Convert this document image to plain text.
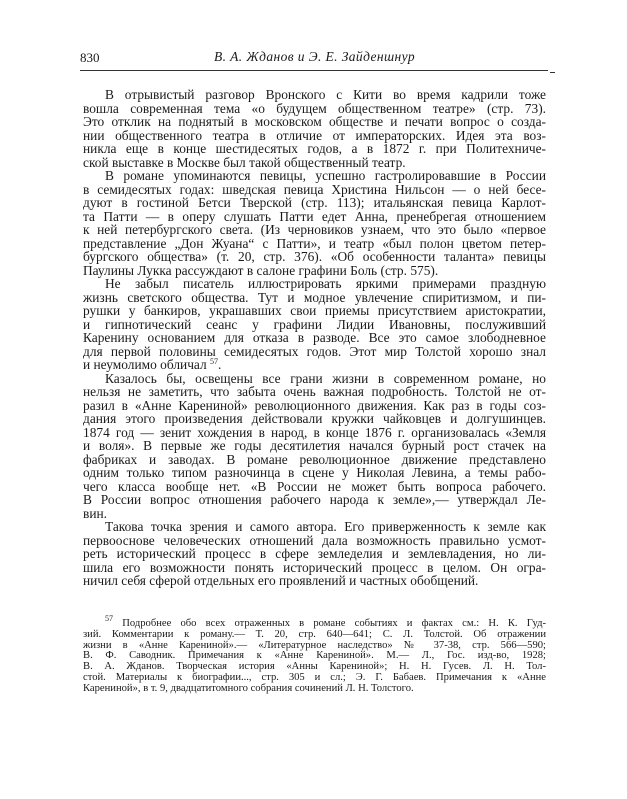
830	В. А. Жданов и Э. Е. Зайденшнур
В отрывистый разговор Вронского с Кити во время кадрили тоже
вошла современная тема «о будущем общественном театре» (стр. 73).
Это отклик на поднятый в московском обществе и печати вопрос о созда-
нии общественного театра в отличие от императорских. Идея эта воз-
никла еще в конце шестидесятых годов, а в 1872 г. при Политехниче-
ской выставке в Москве был такой общественный театр.
В романе упоминаются певицы, успешно гастролировавшие в России
в семидесятых годах: шведская певица Христина Нильсон — о ней бесе-
дуют в гостиной Бетси Тверской (стр. 113); итальянская певица Карлот-
та Патти — в оперу слушать Патти едет Анна, пренебрегая отношением
к ней петербургского света. (Из черновиков узнаем, что это было «первое
представление „Дон Жуана“ с Патти», и театр «был полон цветом петер-
бургского общества» (т. 20, стр. 376). «Об особенности таланта» певицы
Паулины Лукка рассуждают в салоне графини Боль (стр. 575).
Не забыл писатель иллюстрировать яркими примерами праздную
жизнь светского общества. Тут и модное увлечение спиритизмом, и пи-
рушки у банкиров, украшавших свои приемы присутствием аристократии,
и гипнотический сеанс у графини Лидии Ивановны, послуживший
Каренину основанием для отказа в разводе. Все это самое злободневное
для первой половины семидесятых годов. Этот мир Толстой хорошо знал
и неумолимо обличал $^{57}$.
Казалось бы, освещены все грани жизни в современном романе, но
нельзя не заметить, что забыта очень важная подробность. Толстой не от-
разил в «Анне Карениной» революционного движения. Как раз в годы соз-
дания этого произведения действовали кружки чайковцев и долгушинцев.
1874 год — зенит хождения в народ, в конце 1876 г. организовалась «Земля
и воля». В первые же годы десятилетия начался бурный рост стачек на
фабриках и заводах. В романе революционное движение представлено
одним только типом разночинца в сцене у Николая Левина, а темы рабо-
чего класса вообще нет. «В России не может быть вопроса рабочего.
В России вопрос отношения рабочего народа к земле»,— утверждал Ле-
вин.
Такова точка зрения и самого автора. Его приверженность к земле как
первооснове человеческих отношений дала возможность правильно усмот-
реть исторический процесс в сфере земледелия и землевладения, но ли-
шила его возможности понять исторический процесс в целом. Он огра-
ничил себя сферой отдельных его проявлений и частных обобщений.
$^{57}$ Подробнее обо всех отраженных в романе событиях и фактах см.: Н. К. Гуд-
зий. Комментарии к роману.— Т. 20, стр. 640—641; С. Л. Толстой. Об отражении
жизни в «Анне Карениной».— «Литературное наследство» № 37-38, стр. 566—590;
В. Ф. Саводник. Примечания к «Анне Карениной». М.— Л., Гос. изд-во, 1928;
В. А. Жданов. Творческая история «Анны Карениной»; Н. Н. Гусев. Л. Н. Тол-
стой. Материалы к биографии..., стр. 305 и сл.; Э. Г. Бабаев. Примечания к «Анне
Карениной», в т. 9, двадцатитомного собрания сочинений Л. Н. Толстого.
